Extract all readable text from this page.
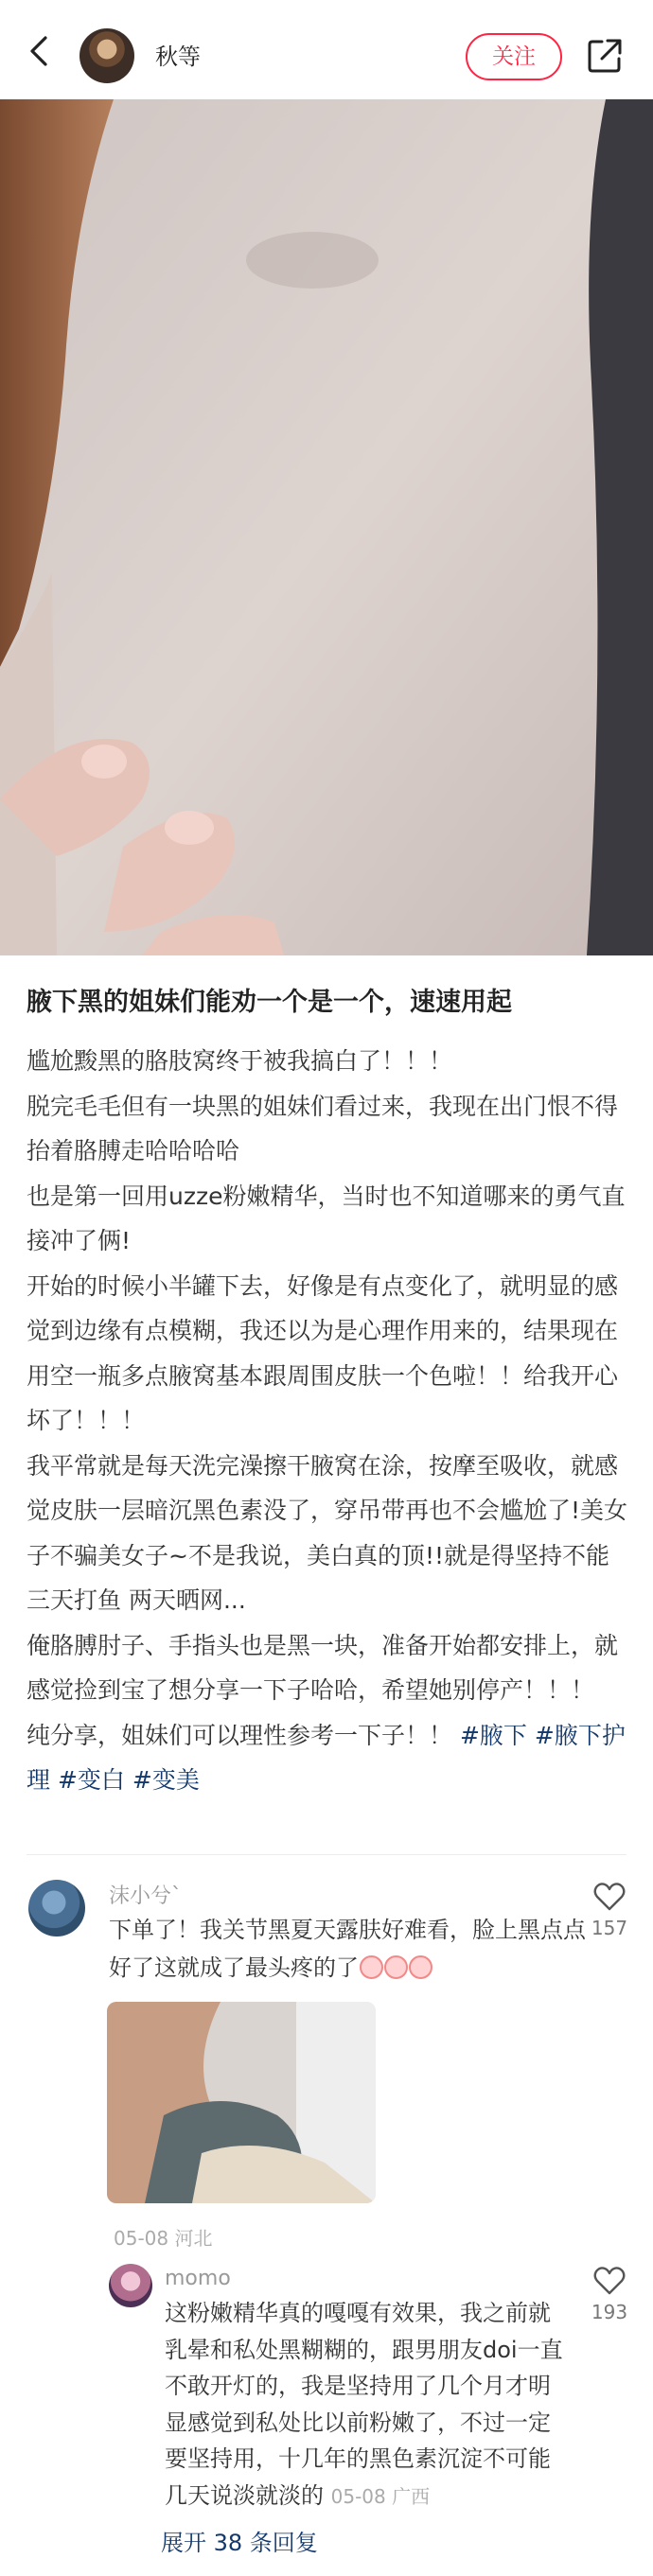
秋等	关注
腋下黑的姐妹们能劝一个是一个，速速用起

尴尬黢黑的胳肢窝终于被我搞白了！！！

脱完毛毛但有一块黑的姐妹们看过来，我现在出门恨不得抬着胳膊走哈哈哈哈

也是第一回用uzze粉嫩精华，当时也不知道哪来的勇气直接冲了俩!

开始的时候小半罐下去，好像是有点变化了，就明显的感觉到边缘有点模糊，我还以为是心理作用来的，结果现在用空一瓶多点腋窝基本跟周围皮肤一个色啦！！给我开心坏了！！！

我平常就是每天洗完澡擦干腋窝在涂，按摩至吸收，就感觉皮肤一层暗沉黑色素没了，穿吊带再也不会尴尬了!美女子不骗美女子~不是我说，美白真的顶!!就是得坚持不能三天打鱼 两天晒网...

俺胳膊肘子、手指头也是黑一块，准备开始都安排上，就感觉捡到宝了想分享一下子哈哈，希望她别停产！！！

纯分享，姐妹们可以理性参考一下子！！ #腋下 #腋下护理 #变白 #变美

沫小兮`
下单了！我关节黑夏天露肤好难看，脸上黑点点好了这就成了最头疼的了
05-08 河北
157
momo
这粉嫩精华真的嘎嘎有效果，我之前就乳晕和私处黑糊糊的，跟男朋友doi一直不敢开灯的，我是坚持用了几个月才明显感觉到私处比以前粉嫩了，不过一定要坚持用，十几年的黑色素沉淀不可能几天说淡就淡的 05-08 广西
193
展开 38 条回复
